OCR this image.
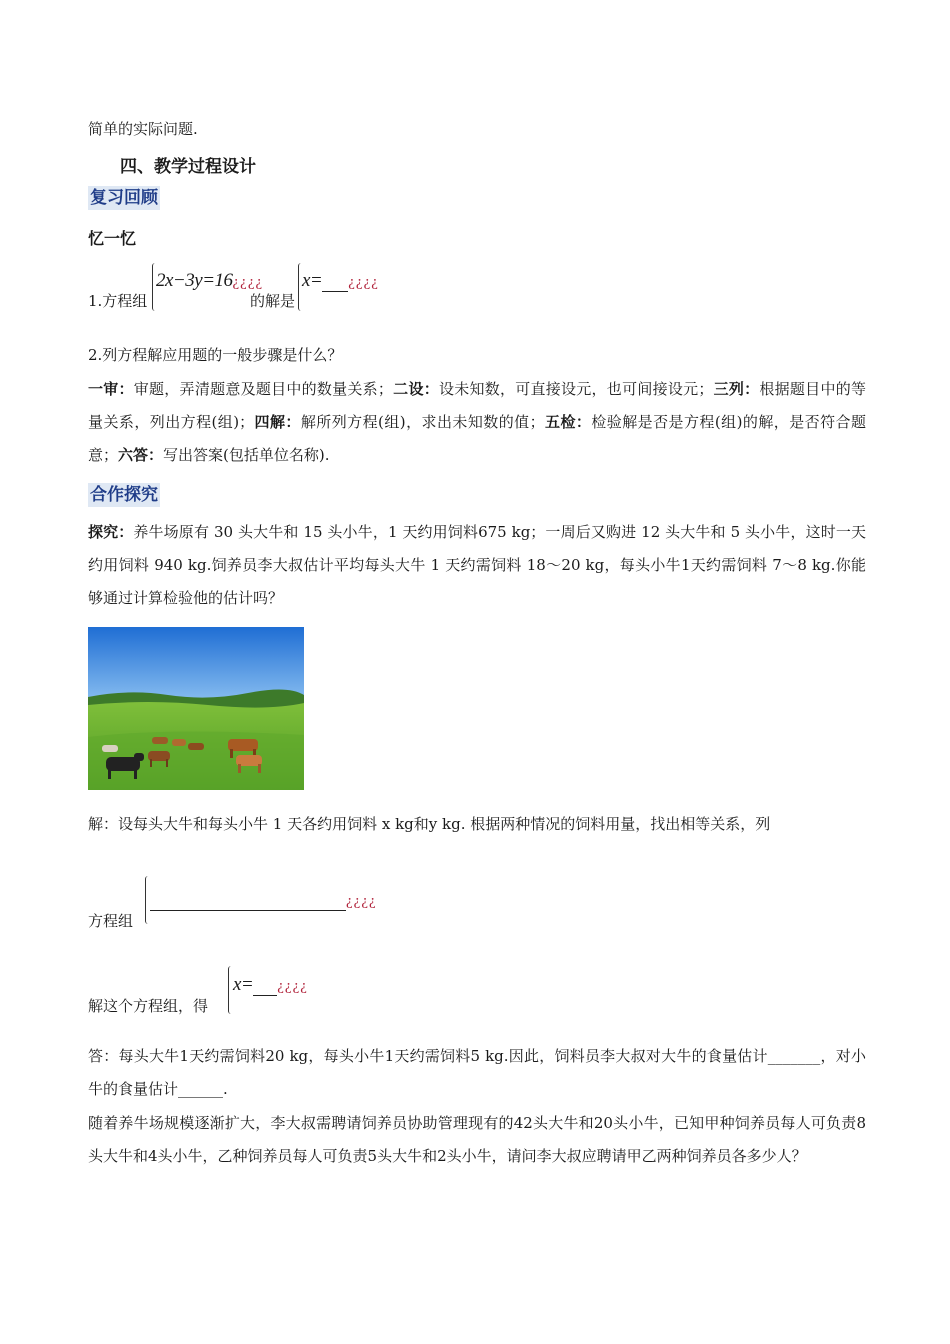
简单的实际问题.
四、教学过程设计
复习回顾
忆一忆
1.方程组
2x−3y=16¿¿¿¿
的解是
x= ¿¿¿¿
2.列方程解应用题的一般步骤是什么？
一审：审题，弄清题意及题目中的数量关系；二设：设未知数，可直接设元，也可间接设元；三列：根据题目中的等量关系，列出方程(组)；四解：解所列方程(组)，求出未知数的值；五检：检验解是否是方程(组)的解，是否符合题意；六答：写出答案(包括单位名称).
合作探究
探究：养牛场原有 30 头大牛和 15 头小牛，1 天约用饲料675 kg；一周后又购进 12 头大牛和 5 头小牛，这时一天约用饲料 940 kg.饲养员李大叔估计平均每头大牛 1 天约需饲料 18～20 kg，每头小牛1天约需饲料 7～8 kg.你能够通过计算检验他的估计吗？
解：设每头大牛和每头小牛 1 天各约用饲料 x kg和y kg. 根据两种情况的饲料用量，找出相等关系，列
方程组
¿¿¿¿
解这个方程组，得
x= ¿¿¿¿
答：每头大牛1天约需饲料20 kg，每头小牛1天约需饲料5 kg.因此，饲料员李大叔对大牛的食量估计_______，对小牛的食量估计______.
随着养牛场规模逐渐扩大，李大叔需聘请饲养员协助管理现有的42头大牛和20头小牛，已知甲种饲养员每人可负责8头大牛和4头小牛，乙种饲养员每人可负责5头大牛和2头小牛，请问李大叔应聘请甲乙两种饲养员各多少人？
